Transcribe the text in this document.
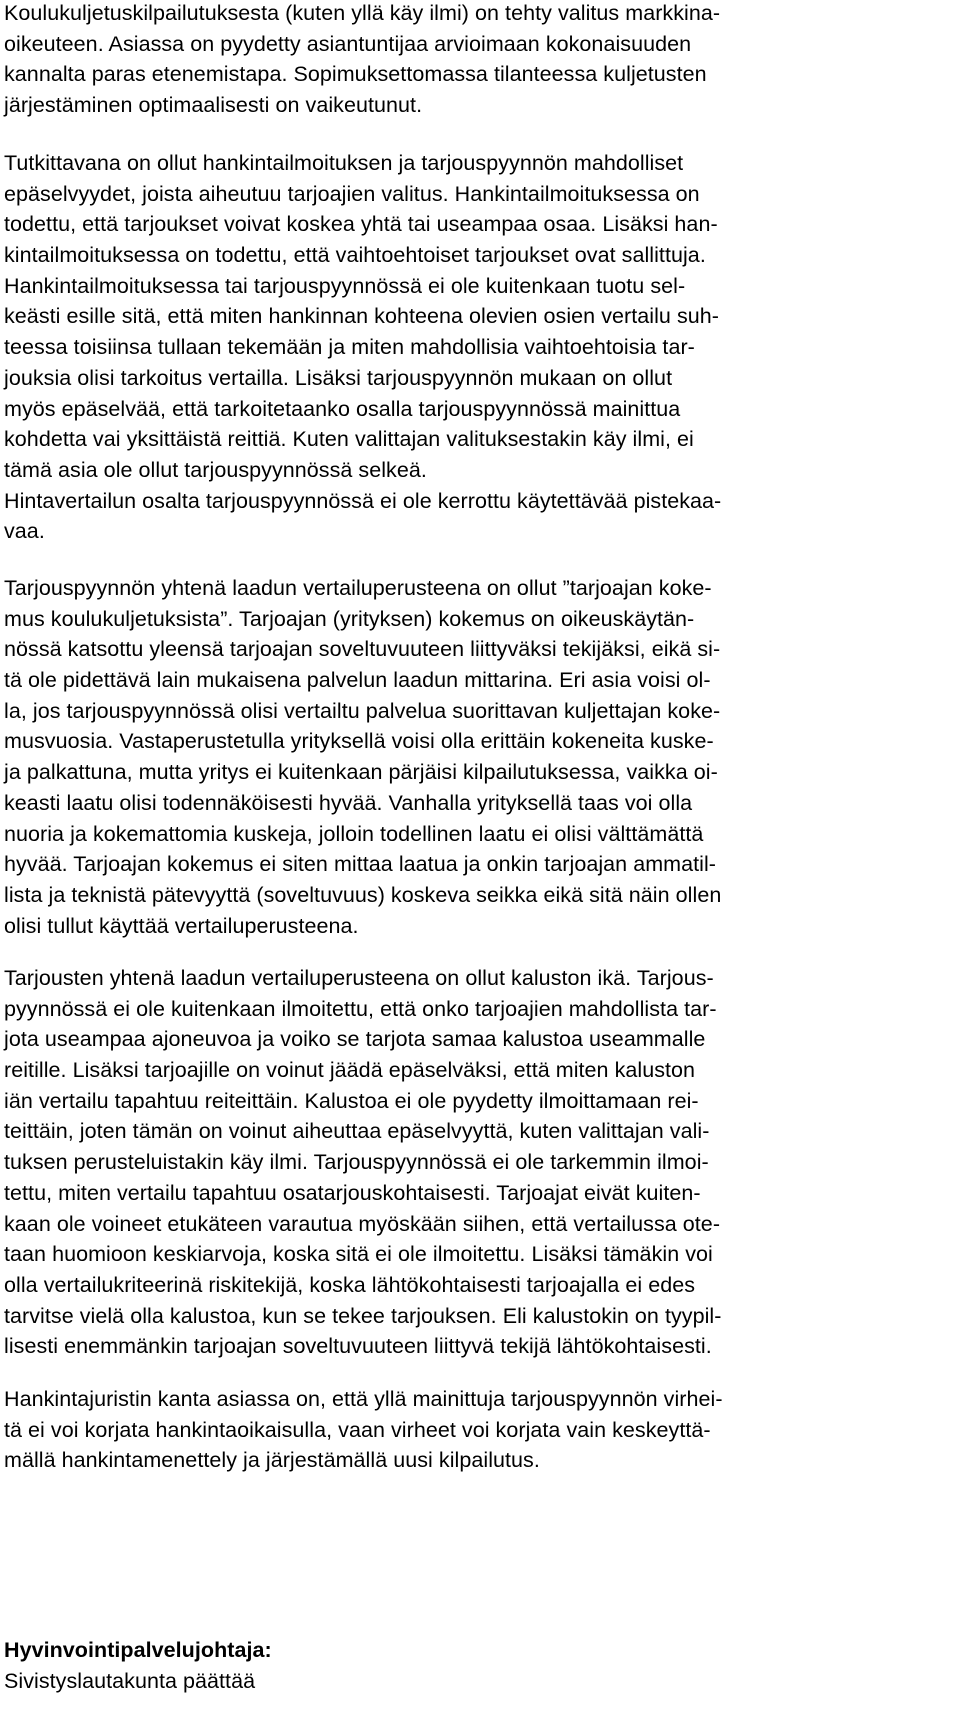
Koulukuljetuskilpailutuksesta (kuten yllä käy ilmi) on tehty valitus markkina-
oikeuteen. Asiassa on pyydetty asiantuntijaa arvioimaan kokonaisuuden
kannalta paras etenemistapa. Sopimuksettomassa tilanteessa kuljetusten
järjestäminen optimaalisesti on vaikeutunut.
Tutkittavana on ollut hankintailmoituksen ja tarjouspyynnön mahdolliset
epäselvyydet, joista aiheutuu tarjoajien valitus. Hankintailmoituksessa on
todettu, että tarjoukset voivat koskea yhtä tai useampaa osaa. Lisäksi han-
kintailmoituksessa on todettu, että vaihtoehtoiset tarjoukset ovat sallittuja.
Hankintailmoituksessa tai tarjouspyynnössä ei ole kuitenkaan tuotu sel-
keästi esille sitä, että miten hankinnan kohteena olevien osien vertailu suh-
teessa toisiinsa tullaan tekemään ja miten mahdollisia vaihtoehtoisia tar-
jouksia olisi tarkoitus vertailla. Lisäksi tarjouspyynnön mukaan on ollut
myös epäselvää, että tarkoitetaanko osalla tarjouspyynnössä mainittua
kohdetta vai yksittäistä reittiä. Kuten valittajan valituksestakin käy ilmi, ei
tämä asia ole ollut tarjouspyynnössä selkeä.
Hintavertailun osalta tarjouspyynnössä ei ole kerrottu käytettävää pistekaa-
vaa.
Tarjouspyynnön yhtenä laadun vertailuperusteena on ollut ”tarjoajan koke-
mus koulukuljetuksista”. Tarjoajan (yrityksen) kokemus on oikeuskäytän-
nössä katsottu yleensä tarjoajan soveltuvuuteen liittyväksi tekijäksi, eikä si-
tä ole pidettävä lain mukaisena palvelun laadun mittarina. Eri asia voisi ol-
la, jos tarjouspyynnössä olisi vertailtu palvelua suorittavan kuljettajan koke-
musvuosia. Vastaperustetulla yrityksellä voisi olla erittäin kokeneita kuske-
ja palkattuna, mutta yritys ei kuitenkaan pärjäisi kilpailutuksessa, vaikka oi-
keasti laatu olisi todennäköisesti hyvää. Vanhalla yrityksellä taas voi olla
nuoria ja kokemattomia kuskeja, jolloin todellinen laatu ei olisi välttämättä
hyvää. Tarjoajan kokemus ei siten mittaa laatua ja onkin tarjoajan ammatil-
lista ja teknistä pätevyyttä (soveltuvuus) koskeva seikka eikä sitä näin ollen
olisi tullut käyttää vertailuperusteena.
Tarjousten yhtenä laadun vertailuperusteena on ollut kaluston ikä. Tarjous-
pyynnössä ei ole kuitenkaan ilmoitettu, että onko tarjoajien mahdollista tar-
jota useampaa ajoneuvoa ja voiko se tarjota samaa kalustoa useammalle
reitille. Lisäksi tarjoajille on voinut jäädä epäselväksi, että miten kaluston
iän vertailu tapahtuu reiteittäin. Kalustoa ei ole pyydetty ilmoittamaan rei-
teittäin, joten tämän on voinut aiheuttaa epäselvyyttä, kuten valittajan vali-
tuksen perusteluistakin käy ilmi. Tarjouspyynnössä ei ole tarkemmin ilmoi-
tettu, miten vertailu tapahtuu osatarjouskohtaisesti. Tarjoajat eivät kuiten-
kaan ole voineet etukäteen varautua myöskään siihen, että vertailussa ote-
taan huomioon keskiarvoja, koska sitä ei ole ilmoitettu. Lisäksi tämäkin voi
olla vertailukriteerinä riskitekijä, koska lähtökohtaisesti tarjoajalla ei edes
tarvitse vielä olla kalustoa, kun se tekee tarjouksen. Eli kalustokin on tyypil-
lisesti enemmänkin tarjoajan soveltuvuuteen liittyvä tekijä lähtökohtaisesti.
Hankintajuristin kanta asiassa on, että yllä mainittuja tarjouspyynnön virhei-
tä ei voi korjata hankintaoikaisulla, vaan virheet voi korjata vain keskeyttä-
mällä hankintamenettely ja järjestämällä uusi kilpailutus.
Hyvinvointipalvelujohtaja:
Sivistyslautakunta päättää
